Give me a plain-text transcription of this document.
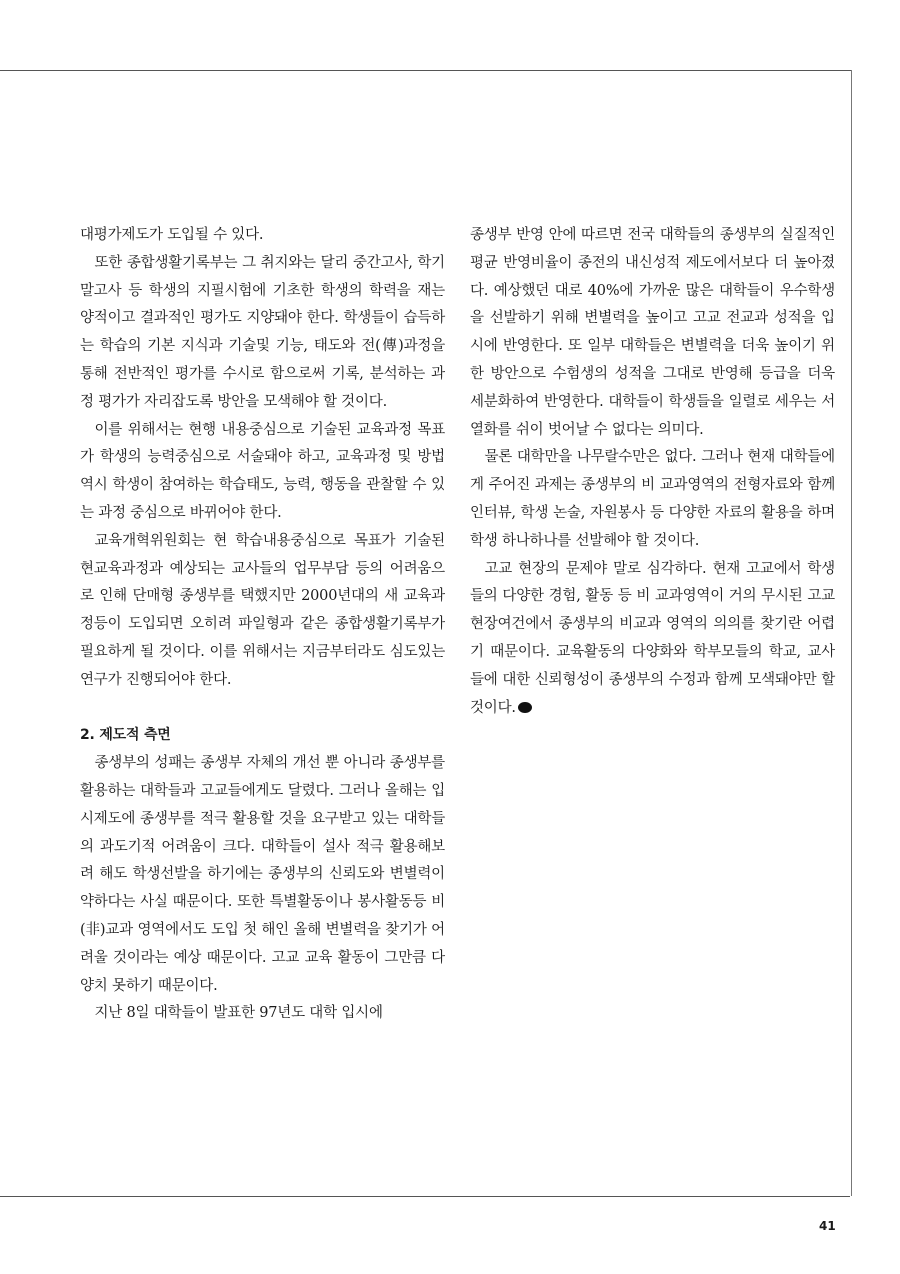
대평가제도가 도입될 수 있다.

또한 종합생활기록부는 그 취지와는 달리 중간고사, 학기말고사 등 학생의 지필시험에 기초한 학생의 학력을 재는 양적이고 결과적인 평가도 지양돼야 한다. 학생들이 습득하는 학습의 기본 지식과 기술및 기능, 태도와 전(傳)과정을 통해 전반적인 평가를 수시로 함으로써 기록, 분석하는 과정 평가가 자리잡도록 방안을 모색해야 할 것이다.

이를 위해서는 현행 내용중심으로 기술된 교육과정 목표가 학생의 능력중심으로 서술돼야 하고, 교육과정 및 방법 역시 학생이 참여하는 학습태도, 능력, 행동을 관찰할 수 있는 과정 중심으로 바뀌어야 한다.

교육개혁위원회는 현 학습내용중심으로 목표가 기술된 현교육과정과 예상되는 교사들의 업무부담 등의 어려움으로 인해 단매형 종생부를 택했지만 2000년대의 새 교육과정등이 도입되면 오히려 파일형과 같은 종합생활기록부가 필요하게 될 것이다. 이를 위해서는 지금부터라도 심도있는 연구가 진행되어야 한다.

2. 제도적 측면

종생부의 성패는 종생부 자체의 개선 뿐 아니라 종생부를 활용하는 대학들과 고교들에게도 달렸다. 그러나 올해는 입시제도에 종생부를 적극 활용할 것을 요구받고 있는 대학들의 과도기적 어려움이 크다. 대학들이 설사 적극 활용해보려 해도 학생선발을 하기에는 종생부의 신뢰도와 변별력이 약하다는 사실 때문이다. 또한 특별활동이나 봉사활동등 비(非)교과 영역에서도 도입 첫 해인 올해 변별력을 찾기가 어려울 것이라는 예상 때문이다. 고교 교육 활동이 그만큼 다양치 못하기 때문이다.

지난 8일 대학들이 발표한 97년도 대학 입시에

종생부 반영 안에 따르면 전국 대학들의 종생부의 실질적인 평균 반영비율이 종전의 내신성적 제도에서보다 더 높아졌다. 예상했던 대로 40%에 가까운 많은 대학들이 우수학생을 선발하기 위해 변별력을 높이고 고교 전교과 성적을 입시에 반영한다. 또 일부 대학들은 변별력을 더욱 높이기 위한 방안으로 수험생의 성적을 그대로 반영해 등급을 더욱 세분화하여 반영한다. 대학들이 학생들을 일렬로 세우는 서열화를 쉬이 벗어날 수 없다는 의미다.

물론 대학만을 나무랄수만은 없다. 그러나 현재 대학들에게 주어진 과제는 종생부의 비 교과영역의 전형자료와 함께 인터뷰, 학생 논술, 자원봉사 등 다양한 자료의 활용을 하며 학생 하나하나를 선발해야 할 것이다.

고교 현장의 문제야 말로 심각하다. 현재 고교에서 학생들의 다양한 경험, 활동 등 비 교과영역이 거의 무시된 고교 현장여건에서 종생부의 비교과 영역의 의의를 찾기란 어렵기 때문이다. 교육활동의 다양화와 학부모들의 학교, 교사들에 대한 신뢰형성이 종생부의 수정과 함께 모색돼야만 할 것이다.

41
